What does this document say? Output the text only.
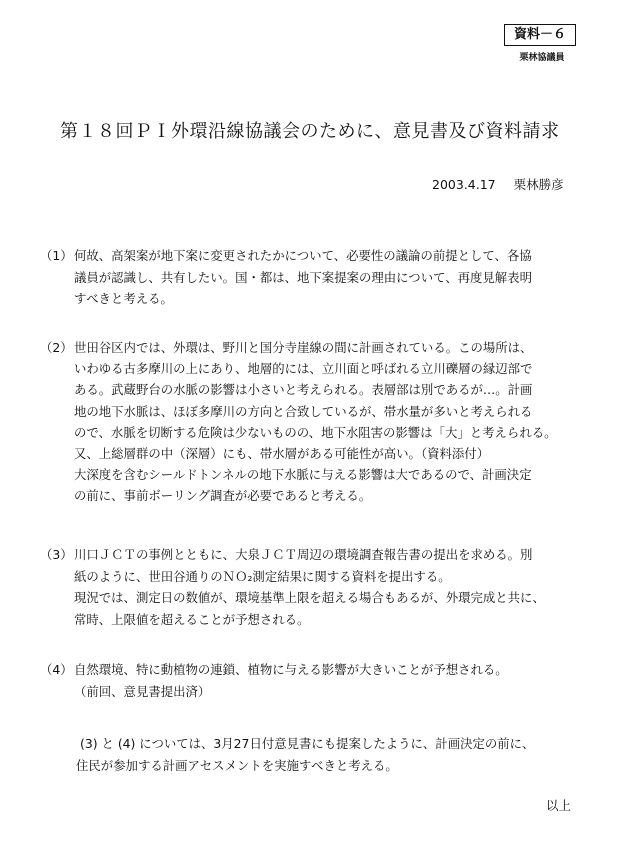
資料－６
栗林協議員
第１８回ＰＩ外環沿線協議会のために、意見書及び資料請求
2003.4.17 栗林勝彦
（1） 何故、高架案が地下案に変更されたかについて、必要性の議論の前提として、各協
議員が認識し、共有したい。国・都は、地下案提案の理由について、再度見解表明
すべきと考える。
（2） 世田谷区内では、外環は、野川と国分寺崖線の間に計画されている。この場所は、
いわゆる古多摩川の上にあり、地層的には、立川面と呼ばれる立川礫層の縁辺部で
ある。武蔵野台の水脈の影響は小さいと考えられる。表層部は別であるが…。計画
地の地下水脈は、ほぼ多摩川の方向と合致しているが、帯水量が多いと考えられる
ので、水脈を切断する危険は少ないものの、地下水阻害の影響は「大」と考えられる。
又、上総層群の中（深層）にも、帯水層がある可能性が高い。（資料添付）
大深度を含むシールドトンネルの地下水脈に与える影響は大であるので、計画決定
の前に、事前ボーリング調査が必要であると考える。
（3） 川口ＪＣＴの事例とともに、大泉ＪＣＴ周辺の環境調査報告書の提出を求める。別
紙のように、世田谷通りのＮＯ₂測定結果に関する資料を提出する。
現況では、測定日の数値が、環境基準上限を超える場合もあるが、外環完成と共に、
常時、上限値を超えることが予想される。
（4） 自然環境、特に動植物の連鎖、植物に与える影響が大きいことが予想される。
（前回、意見書提出済）
(3) と (4) については、3月27日付意見書にも提案したように、計画決定の前に、
住民が参加する計画アセスメントを実施すべきと考える。
以上
